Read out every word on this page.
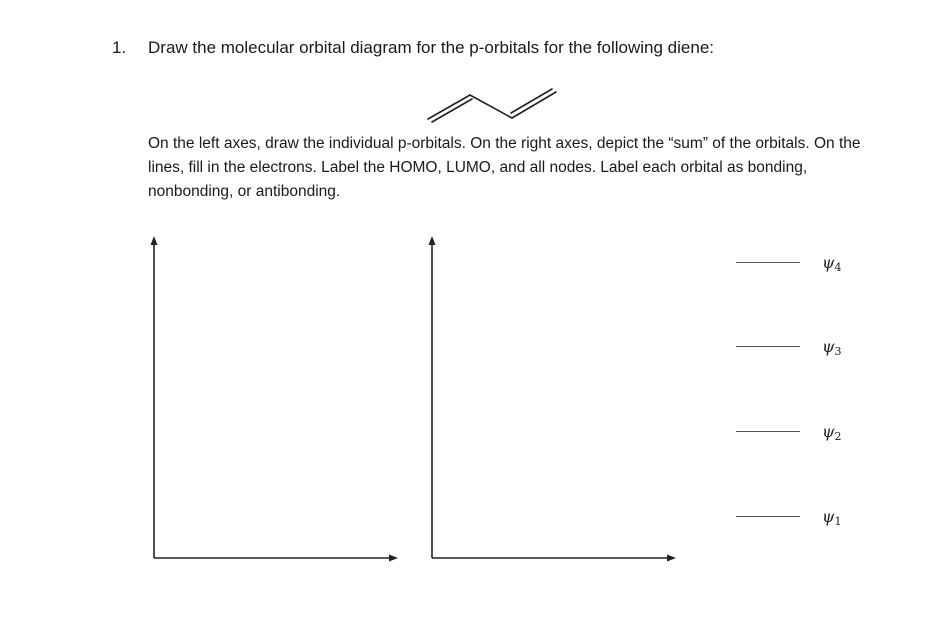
1. Draw the molecular orbital diagram for the p-orbitals for the following diene:
On the left axes, draw the individual p-orbitals. On the right axes, depict the “sum” of the orbitals. On the lines, fill in the electrons. Label the HOMO, LUMO, and all nodes. Label each orbital as bonding, nonbonding, or antibonding.
$\psi_4$
$\psi_3$
$\psi_2$
$\psi_1$
